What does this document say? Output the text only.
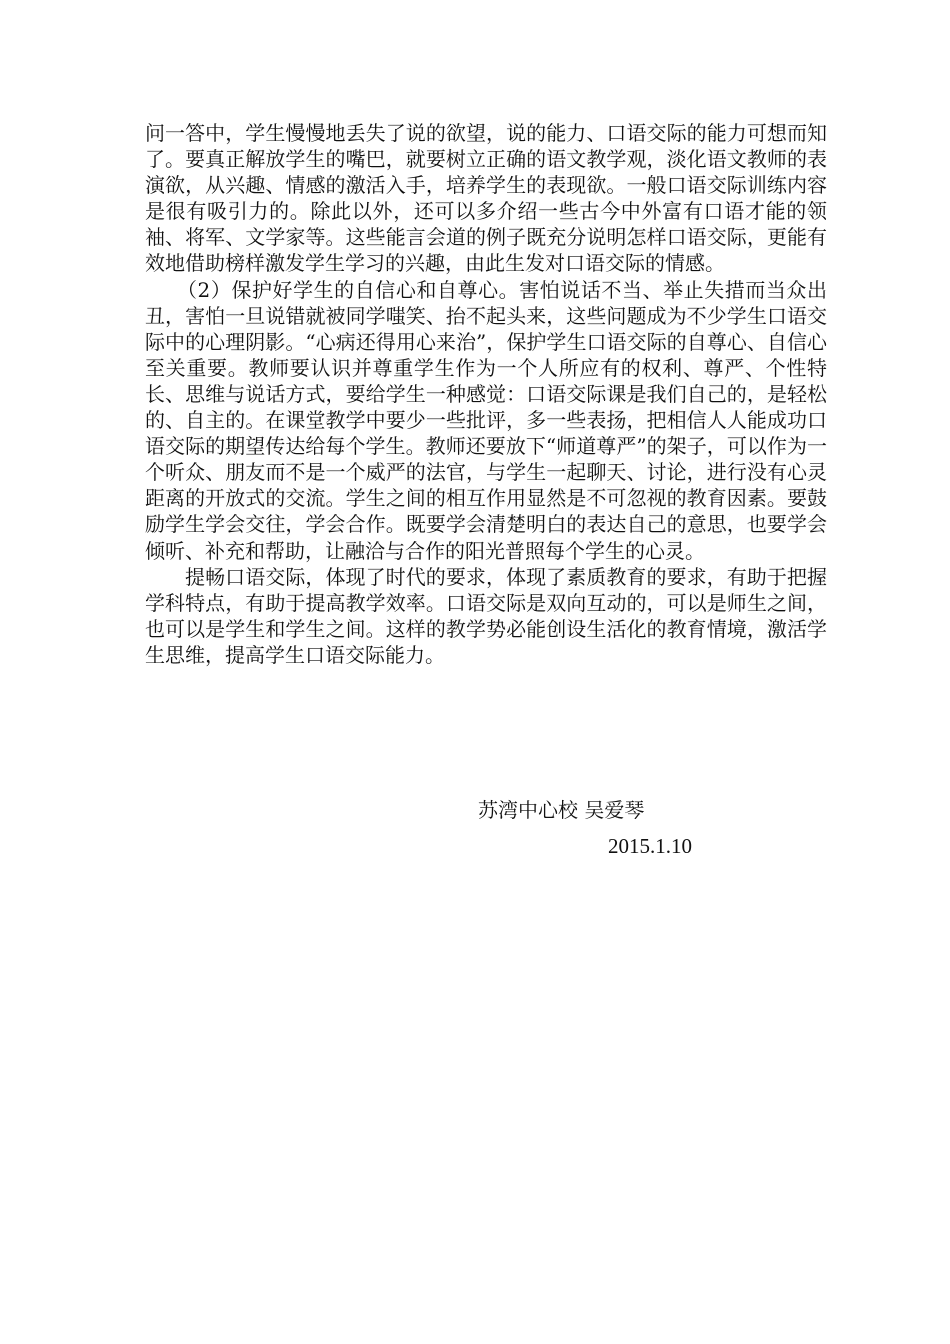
问一答中，学生慢慢地丢失了说的欲望，说的能力、口语交际的能力可想而知了。要真正解放学生的嘴巴，就要树立正确的语文教学观，淡化语文教师的表演欲，从兴趣、情感的激活入手，培养学生的表现欲。一般口语交际训练内容是很有吸引力的。除此以外，还可以多介绍一些古今中外富有口语才能的领袖、将军、文学家等。这些能言会道的例子既充分说明怎样口语交际，更能有效地借助榜样激发学生学习的兴趣，由此生发对口语交际的情感。

（2）保护好学生的自信心和自尊心。害怕说话不当、举止失措而当众出丑，害怕一旦说错就被同学嗤笑、抬不起头来，这些问题成为不少学生口语交际中的心理阴影。“心病还得用心来治”，保护学生口语交际的自尊心、自信心至关重要。教师要认识并尊重学生作为一个人所应有的权利、尊严、个性特长、思维与说话方式，要给学生一种感觉：口语交际课是我们自己的，是轻松的、自主的。在课堂教学中要少一些批评，多一些表扬，把相信人人能成功口语交际的期望传达给每个学生。教师还要放下“师道尊严”的架子，可以作为一个听众、朋友而不是一个威严的法官，与学生一起聊天、讨论，进行没有心灵距离的开放式的交流。学生之间的相互作用显然是不可忽视的教育因素。要鼓励学生学会交往，学会合作。既要学会清楚明白的表达自己的意思，也要学会倾听、补充和帮助，让融洽与合作的阳光普照每个学生的心灵。

提畅口语交际，体现了时代的要求，体现了素质教育的要求，有助于把握学科特点，有助于提高教学效率。口语交际是双向互动的，可以是师生之间，也可以是学生和学生之间。这样的教学势必能创设生活化的教育情境，激活学生思维，提高学生口语交际能力。

苏湾中心校 吴爱琴
2015.1.10
